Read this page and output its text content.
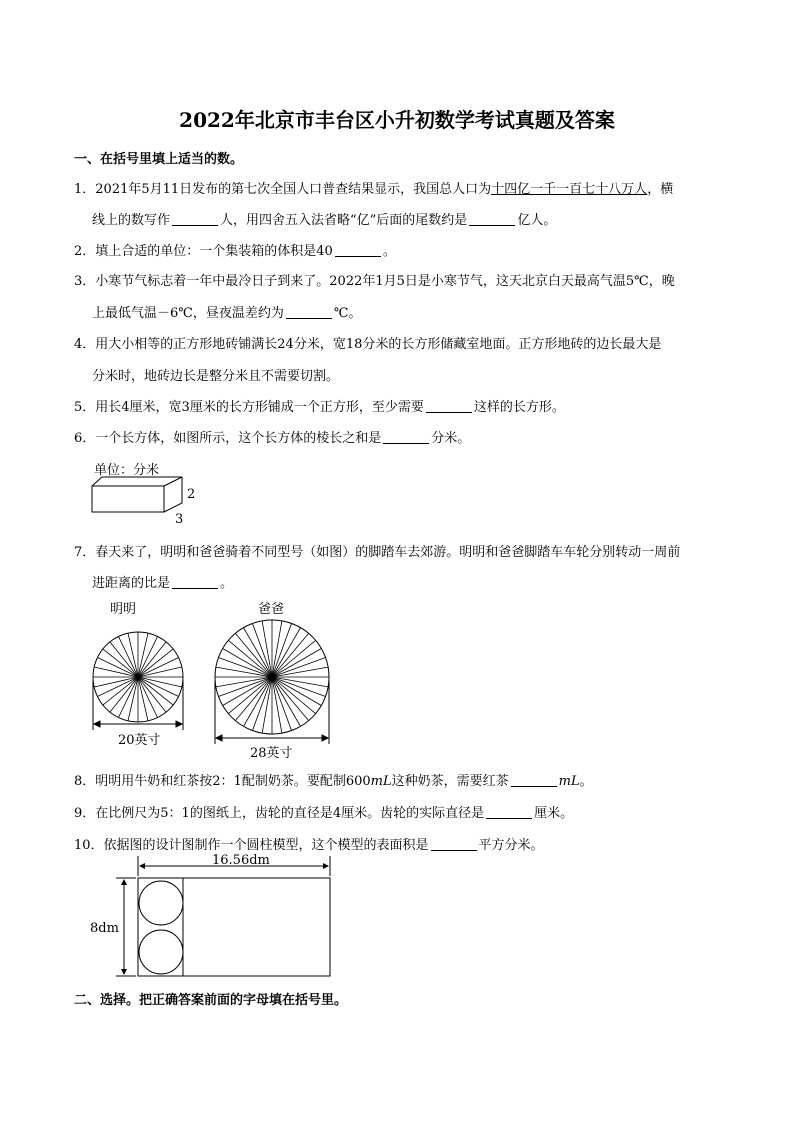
2022年北京市丰台区小升初数学考试真题及答案
一、在括号里填上适当的数。
1．2021年5月11日发布的第七次全国人口普查结果显示，我国总人口为十四亿一千一百七十八万人，横
线上的数写作	人，用四舍五入法省略“亿”后面的尾数约是	亿人。
2．填上合适的单位：一个集装箱的体积是40	。
3．小寒节气标志着一年中最冷日子到来了。2022年1月5日是小寒节气，这天北京白天最高气温5℃，晚
上最低气温－6℃，昼夜温差约为	℃。
4．用大小相等的正方形地砖铺满长24分米，宽18分米的长方形储藏室地面。正方形地砖的边长最大是
分米时，地砖边长是整分米且不需要切割。
5．用长4厘米，宽3厘米的长方形铺成一个正方形，至少需要	这样的长方形。
6．一个长方体，如图所示，这个长方体的棱长之和是	分米。
单位：分米
2
3
7．春天来了，明明和爸爸骑着不同型号（如图）的脚踏车去郊游。明明和爸爸脚踏车车轮分别转动一周前
进距离的比是	。
明明	爸爸
20英寸
28英寸
8．明明用牛奶和红茶按2：1配制奶茶。要配制600mL这种奶茶，需要红茶	mL。
9．在比例尺为5：1的图纸上，齿轮的直径是4厘米。齿轮的实际直径是	厘米。
10．依据图的设计图制作一个圆柱模型，这个模型的表面积是	平方分米。
16.56dm
8dm
二、选择。把正确答案前面的字母填在括号里。
